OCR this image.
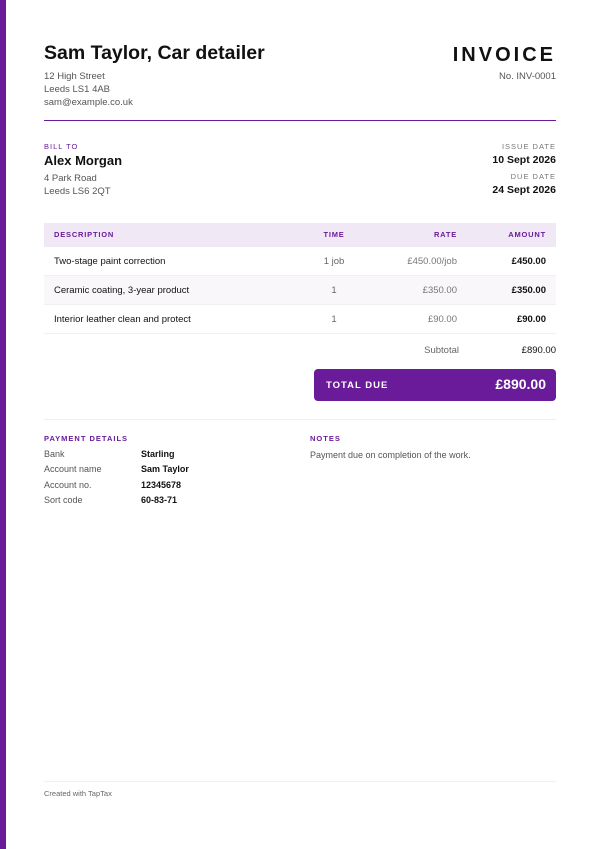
Sam Taylor, Car detailer
12 High Street
Leeds LS1 4AB
sam@example.co.uk
INVOICE
No. INV-0001
BILL TO
Alex Morgan
4 Park Road
Leeds LS6 2QT
ISSUE DATE
10 Sept 2026
DUE DATE
24 Sept 2026
DESCRIPTION	TIME	RATE	AMOUNT
Two-stage paint correction	1 job	£450.00/job	£450.00
Ceramic coating, 3-year product	1	£350.00	£350.00
Interior leather clean and protect	1	£90.00	£90.00
Subtotal	£890.00
TOTAL DUE	£890.00
PAYMENT DETAILS
Bank	Starling
Account name	Sam Taylor
Account no.	12345678
Sort code	60-83-71
NOTES
Payment due on completion of the work.
Created with TapTax
